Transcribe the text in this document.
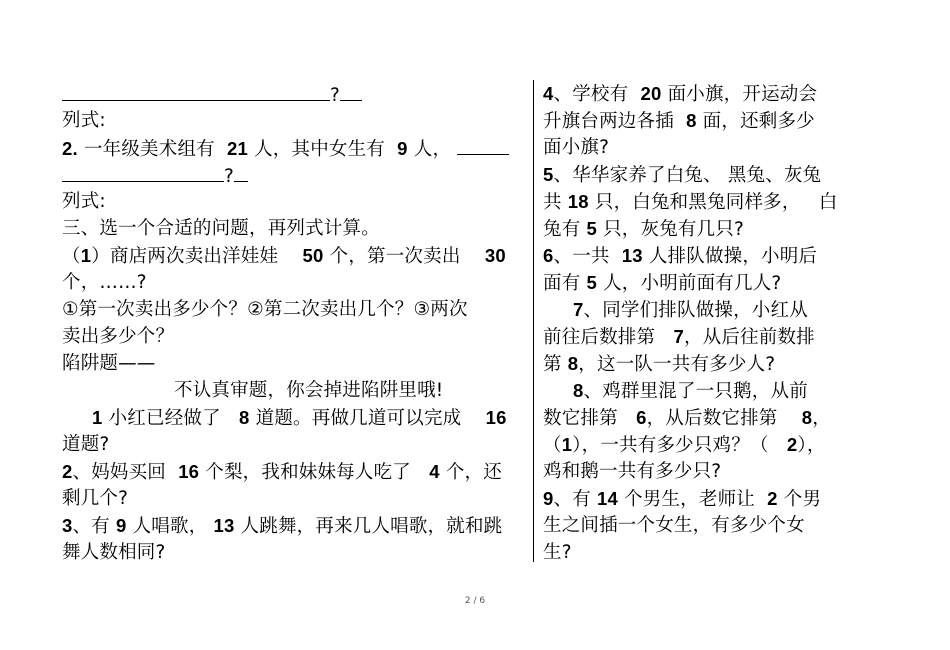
?
列式:
2. 一年级美术组有 21 人，其中女生有 9 人，
?
列式:
三、选一个合适的问题，再列式计算。
（1）商店两次卖出洋娃娃 50 个，第一次卖出 30
个，……?
①第一次卖出多少个？②第二次卖出几个？③两次
卖出多少个？
陷阱题——
不认真审题，你会掉进陷阱里哦!
1 小红已经做了 8 道题。再做几道可以完成 16
道题?
2、妈妈买回 16 个梨，我和妹妹每人吃了 4 个，还
剩几个?
3、有 9 人唱歌， 13 人跳舞，再来几人唱歌，就和跳
舞人数相同?
4、学校有 20 面小旗，开运动会
升旗台两边各插 8 面，还剩多少
面小旗?
5、华华家养了白兔、 黑兔、灰兔
共 18 只，白兔和黑兔同样多， 白
兔有 5 只，灰兔有几只?
6、一共 13 人排队做操，小明后
面有 5 人，小明前面有几人?
7、同学们排队做操，小红从
前往后数排第 7，从后往前数排
第 8，这一队一共有多少人?
8、鸡群里混了一只鹅，从前
数它排第 6，从后数它排第 8，
（1），一共有多少只鸡？（ 2），
鸡和鹅一共有多少只?
9、有 14 个男生，老师让 2 个男
生之间插一个女生，有多少个女
生?
2 / 6
